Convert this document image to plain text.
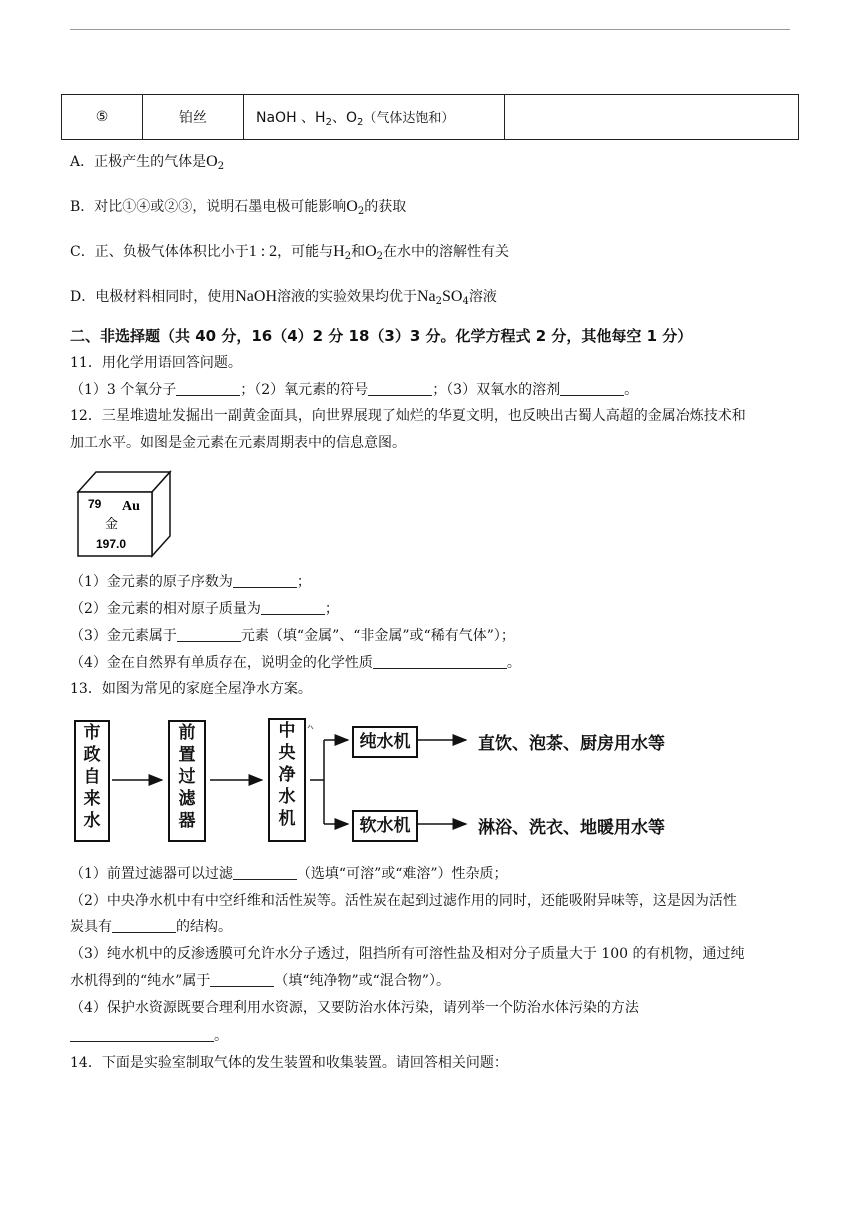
⑤	铂丝	NaOH 、$H_2$、$O_2$（气体达饱和）	
A．正极产生的气体是$O_2$
B．对比①④或②③，说明石墨电极可能影响$O_2$的获取
C．正、负极气体体积比小于1 : 2，可能与$H_2$和$O_2$在水中的溶解性有关
D．电极材料相同时，使用NaOH溶液的实验效果均优于$Na_2SO_4$溶液
二、非选择题（共 40 分，16（4）2 分 18（3）3 分。化学方程式 2 分，其他每空 1 分）
11．用化学用语回答问题。
（1）3 个氧分子	；（2）氧元素的符号	；（3）双氧水的溶剂	。
12．三星堆遗址发掘出一副黄金面具，向世界展现了灿烂的华夏文明，也反映出古蜀人高超的金属冶炼技术和
加工水平。如图是金元素在元素周期表中的信息意图。
79 Au
金
197.0
（1）金元素的原子序数为	；
（2）金元素的相对原子质量为	；
（3）金元素属于	元素（填“金属”、“非金属”或“稀有气体”）；
（4）金在自然界有单质存在，说明金的化学性质	。
13．如图为常见的家庭全屋净水方案。
市
政
自
来
水
前
置
过
滤
器
中
央
净
水
机
纯水机
软水机
直饮、泡茶、厨房用水等
淋浴、洗衣、地暖用水等
（1）前置过滤器可以过滤	（选填“可溶”或“难溶”）性杂质；
（2）中央净水机中有中空纤维和活性炭等。活性炭在起到过滤作用的同时，还能吸附异味等，这是因为活性
炭具有	的结构。
（3）纯水机中的反渗透膜可允许水分子透过，阻挡所有可溶性盐及相对分子质量大于 100 的有机物，通过纯
水机得到的“纯水”属于	（填“纯净物”或“混合物”）。
（4）保护水资源既要合理利用水资源，又要防治水体污染，请列举一个防治水体污染的方法
。
14．下面是实验室制取气体的发生装置和收集装置。请回答相关问题：
